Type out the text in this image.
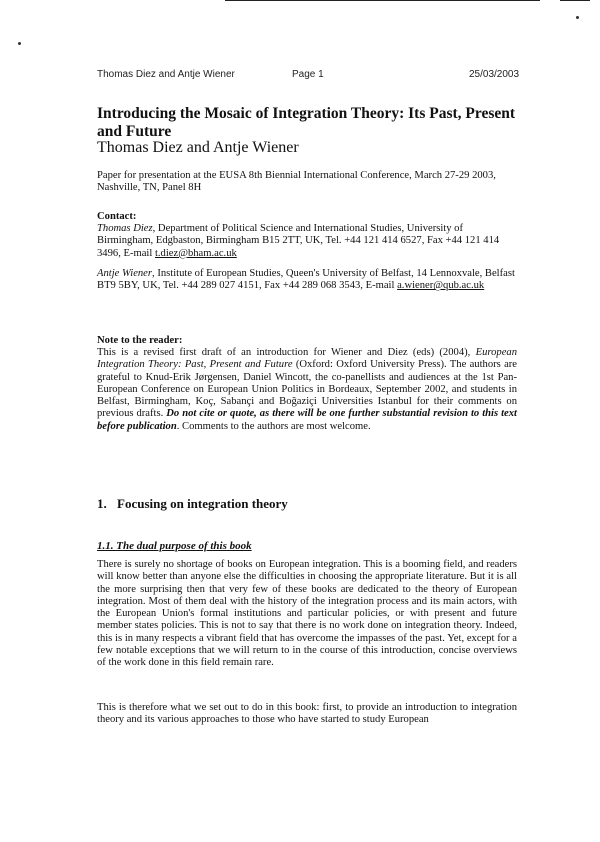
Thomas Diez and Antje Wiener	Page 1	25/03/2003
Introducing the Mosaic of Integration Theory: Its Past, Present and Future
Thomas Diez and Antje Wiener
Paper for presentation at the EUSA 8th Biennial International Conference, March 27-29 2003, Nashville, TN, Panel 8H
Contact:
Thomas Diez, Department of Political Science and International Studies, University of Birmingham, Edgbaston, Birmingham B15 2TT, UK, Tel. +44 121 414 6527, Fax +44 121 414 3496, E-mail t.diez@bham.ac.uk
Antje Wiener, Institute of European Studies, Queen's University of Belfast, 14 Lennoxvale, Belfast BT9 5BY, UK, Tel. +44 289 027 4151, Fax +44 289 068 3543, E-mail a.wiener@qub.ac.uk
Note to the reader:
This is a revised first draft of an introduction for Wiener and Diez (eds) (2004), European Integration Theory: Past, Present and Future (Oxford: Oxford University Press). The authors are grateful to Knud-Erik Jørgensen, Daniel Wincott, the co-panellists and audiences at the 1st Pan-European Conference on European Union Politics in Bordeaux, September 2002, and students in Belfast, Birmingham, Koç, Sabançi and Boğaziçi Universities Istanbul for their comments on previous drafts. Do not cite or quote, as there will be one further substantial revision to this text before publication. Comments to the authors are most welcome.
1. Focusing on integration theory
1.1. The dual purpose of this book
There is surely no shortage of books on European integration. This is a booming field, and readers will know better than anyone else the difficulties in choosing the appropriate literature. But it is all the more surprising then that very few of these books are dedicated to the theory of European integration. Most of them deal with the history of the integration process and its main actors, with the European Union's formal institutions and particular policies, or with present and future member states policies. This is not to say that there is no work done on integration theory. Indeed, this is in many respects a vibrant field that has overcome the impasses of the past. Yet, except for a few notable exceptions that we will return to in the course of this introduction, concise overviews of the work done in this field remain rare.
This is therefore what we set out to do in this book: first, to provide an introduction to integration theory and its various approaches to those who have started to study European
